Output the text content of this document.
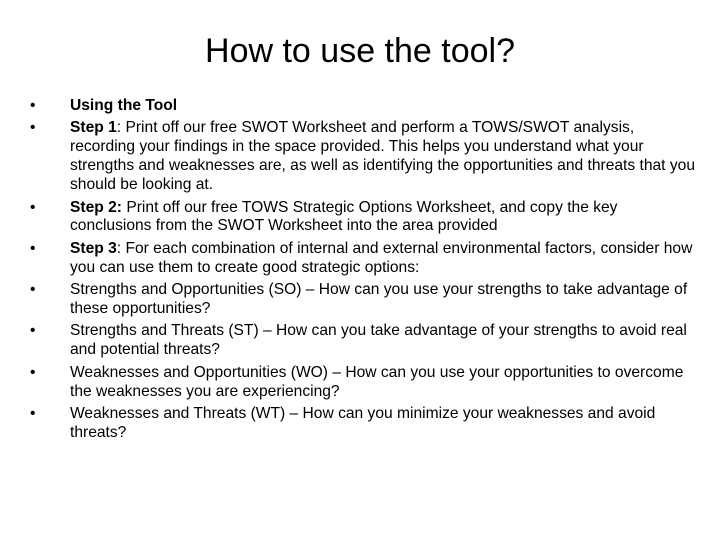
How to use the tool?
•	Using the Tool
•	Step 1: Print off our free SWOT Worksheet and perform a TOWS/SWOT analysis, recording your findings in the space provided. This helps you understand what your strengths and weaknesses are, as well as identifying the opportunities and threats that you should be looking at.
•	Step 2: Print off our free TOWS Strategic Options Worksheet, and copy the key conclusions from the SWOT Worksheet into the area provided
•	Step 3: For each combination of internal and external environmental factors, consider how you can use them to create good strategic options:
•	Strengths and Opportunities (SO) – How can you use your strengths to take advantage of these opportunities?
•	Strengths and Threats (ST) – How can you take advantage of your strengths to avoid real and potential threats?
•	Weaknesses and Opportunities (WO) – How can you use your opportunities to overcome the weaknesses you are experiencing?
•	Weaknesses and Threats (WT) – How can you minimize your weaknesses and avoid threats?
